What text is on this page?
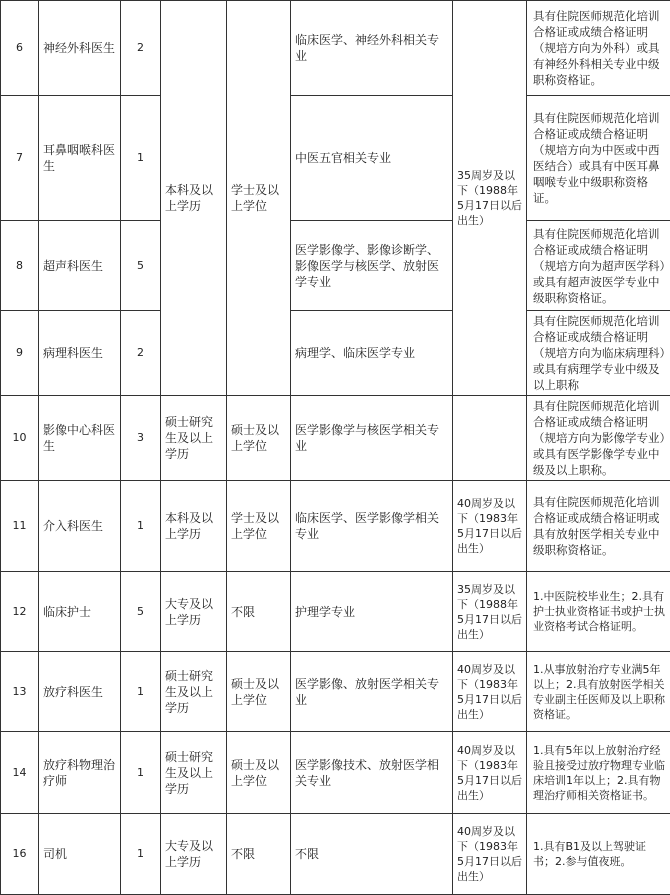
6	神经外科医生	2	本科及以上学历	学士及以上学位	临床医学、神经外科相关专业	35周岁及以下（1988年5月17日以后出生）	具有住院医师规范化培训合格证或成绩合格证明（规培方向为外科）或具有神经外科相关专业中级职称资格证。
7	耳鼻咽喉科医生	1			中医五官相关专业		具有住院医师规范化培训合格证或成绩合格证明（规培方向为中医或中西医结合）或具有中医耳鼻咽喉专业中级职称资格证。
8	超声科医生	5			医学影像学、影像诊断学、影像医学与核医学、放射医学专业		具有住院医师规范化培训合格证或成绩合格证明（规培方向为超声医学科）或具有超声波医学专业中级职称资格证。
9	病理科医生	2			病理学、临床医学专业		具有住院医师规范化培训合格证或成绩合格证明（规培方向为临床病理科）或具有病理学专业中级及以上职称
10	影像中心科医生	3	硕士研究生及以上学历	硕士及以上学位	医学影像学与核医学相关专业		具有住院医师规范化培训合格证或成绩合格证明（规培方向为影像学专业）或具有医学影像学专业中级及以上职称。
11	介入科医生	1	本科及以上学历	学士及以上学位	临床医学、医学影像学相关专业	40周岁及以下（1983年5月17日以后出生）	具有住院医师规范化培训合格证或成绩合格证明或具有放射医学相关专业中级职称资格证。
12	临床护士	5	大专及以上学历	不限	护理学专业	35周岁及以下（1988年5月17日以后出生）	1.中医院校毕业生；2.具有护士执业资格证书或护士执业资格考试合格证明。
13	放疗科医生	1	硕士研究生及以上学历	硕士及以上学位	医学影像、放射医学相关专业	40周岁及以下（1983年5月17日以后出生）	1.从事放射治疗专业满5年以上；2.具有放射医学相关专业副主任医师及以上职称资格证。
14	放疗科物理治疗师	1	硕士研究生及以上学历	硕士及以上学位	医学影像技术、放射医学相关专业	40周岁及以下（1983年5月17日以后出生）	1.具有5年以上放射治疗经验且接受过放疗物理专业临床培训1年以上；2.具有物理治疗师相关资格证书。
16	司机	1	大专及以上学历	不限	不限	40周岁及以下（1983年5月17日以后出生）	1.具有B1及以上驾驶证书；2.参与值夜班。
